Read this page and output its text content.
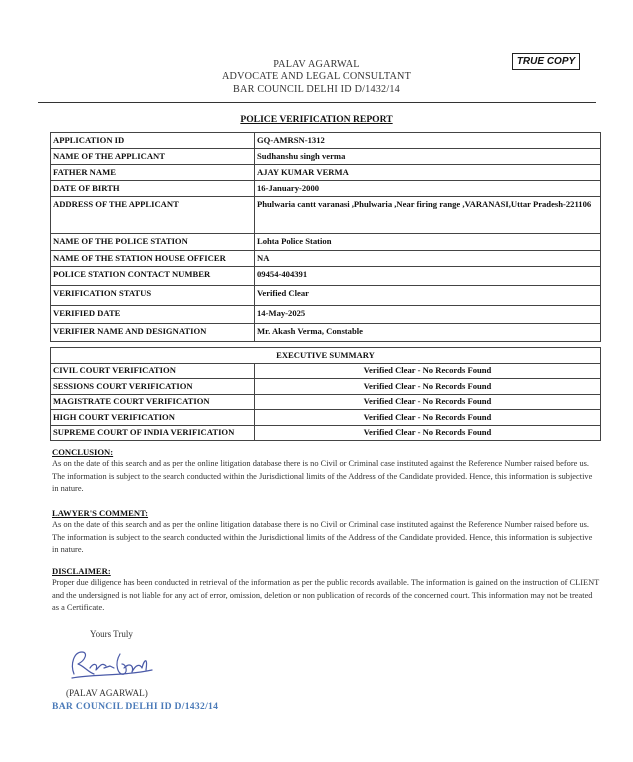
PALAV AGARWAL
ADVOCATE AND LEGAL CONSULTANT
BAR COUNCIL DELHI ID D/1432/14
TRUE COPY
POLICE VERIFICATION REPORT
APPLICATION ID	GQ-AMRSN-1312
NAME OF THE APPLICANT	Sudhanshu singh verma
FATHER NAME	AJAY KUMAR VERMA
DATE OF BIRTH	16-January-2000
ADDRESS OF THE APPLICANT	Phulwaria cantt varanasi ,Phulwaria ,Near firing range ,VARANASI,Uttar Pradesh-221106
NAME OF THE POLICE STATION	Lohta Police Station
NAME OF THE STATION HOUSE OFFICER	NA
POLICE STATION CONTACT NUMBER	09454-404391
VERIFICATION STATUS	Verified Clear
VERIFIED DATE	14-May-2025
VERIFIER NAME AND DESIGNATION	Mr. Akash Verma, Constable
EXECUTIVE SUMMARY	
CIVIL COURT VERIFICATION	Verified Clear - No Records Found
SESSIONS COURT VERIFICATION	Verified Clear - No Records Found
MAGISTRATE COURT VERIFICATION	Verified Clear - No Records Found
HIGH COURT VERIFICATION	Verified Clear - No Records Found
SUPREME COURT OF INDIA VERIFICATION	Verified Clear - No Records Found
CONCLUSION:

As on the date of this search and as per the online litigation database there is no Civil or Criminal case instituted against the Reference Number raised before us. The information is subject to the search conducted within the Jurisdictional limits of the Address of the Candidate provided. Hence, this information is subjective in nature.

LAWYER'S COMMENT:

As on the date of this search and as per the online litigation database there is no Civil or Criminal case instituted against the Reference Number raised before us. The information is subject to the search conducted within the Jurisdictional limits of the Address of the Candidate provided. Hence, this information is subjective in nature.

DISCLAIMER:

Proper due diligence has been conducted in retrieval of the information as per the public records available. The information is gained on the instruction of CLIENT and the undersigned is not liable for any act of error, omission, deletion or non publication of records of the concerned court. This information may not be treated as a Certificate.

Yours Truly
(PALAV AGARWAL)
BAR COUNCIL DELHI ID D/1432/14
